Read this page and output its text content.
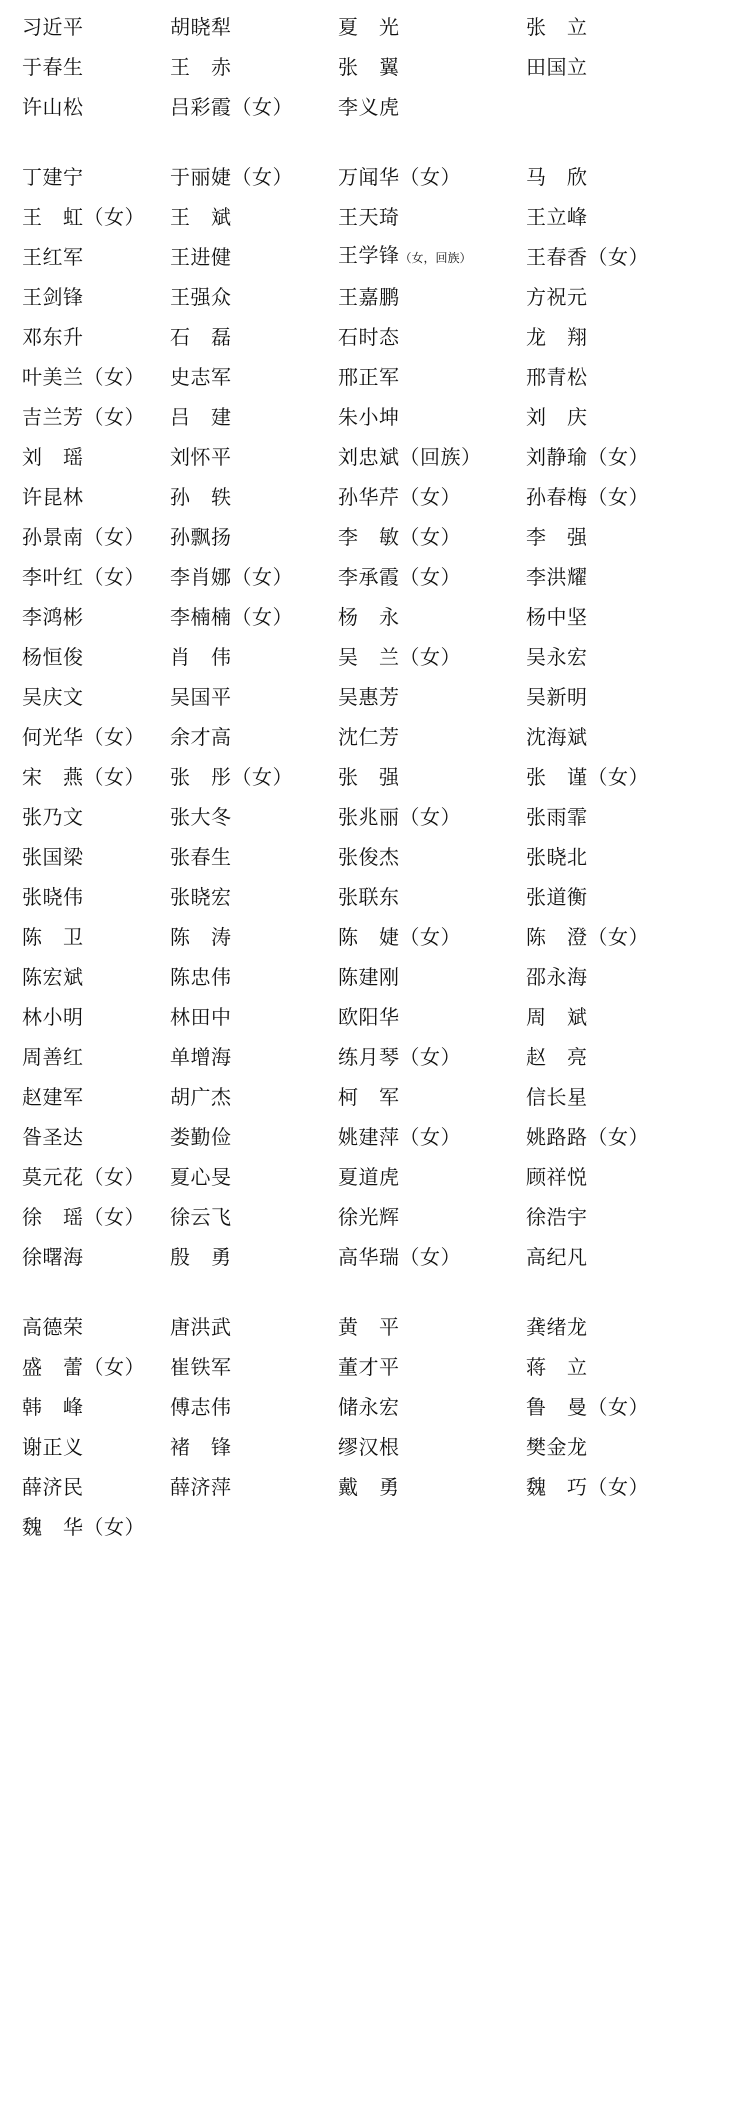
习近平	胡晓犁	夏　光	张　立
于春生	王　赤	张　翼	田国立
许山松	吕彩霞（女）	李义虎
丁建宁	于丽婕（女）	万闻华（女）	马　欣
王　虹（女）	王　斌	王天琦	王立峰
王红军	王进健	王学锋（女，回族）	王春香（女）
王剑锋	王强众	王嘉鹏	方祝元
邓东升	石　磊	石时态	龙　翔
叶美兰（女）	史志军	邢正军	邢青松
吉兰芳（女）	吕　建	朱小坤	刘　庆
刘　瑶	刘怀平	刘忠斌（回族）	刘静瑜（女）
许昆林	孙　轶	孙华芹（女）	孙春梅（女）
孙景南（女）	孙飘扬	李　敏（女）	李　强
李叶红（女）	李肖娜（女）	李承霞（女）	李洪耀
李鸿彬	李楠楠（女）	杨　永	杨中坚
杨恒俊	肖　伟	吴　兰（女）	吴永宏
吴庆文	吴国平	吴惠芳	吴新明
何光华（女）	余才高	沈仁芳	沈海斌
宋　燕（女）	张　彤（女）	张　强	张　谨（女）
张乃文	张大冬	张兆丽（女）	张雨霏
张国梁	张春生	张俊杰	张晓北
张晓伟	张晓宏	张联东	张道衡
陈　卫	陈　涛	陈　婕（女）	陈　澄（女）
陈宏斌	陈忠伟	陈建刚	邵永海
林小明	林田中	欧阳华	周　斌
周善红	单增海	练月琴（女）	赵　亮
赵建军	胡广杰	柯　军	信长星
昝圣达	娄勤俭	姚建萍（女）	姚路路（女）
莫元花（女）	夏心旻	夏道虎	顾祥悦
徐　瑶（女）	徐云飞	徐光辉	徐浩宇
徐曙海	殷　勇	高华瑞（女）	高纪凡
高德荣	唐洪武	黄　平	龚绪龙
盛　蕾（女）	崔铁军	董才平	蒋　立
韩　峰	傅志伟	储永宏	鲁　曼（女）
谢正义	褚　锋	缪汉根	樊金龙
薛济民	薛济萍	戴　勇	魏　巧（女）
魏　华（女）
